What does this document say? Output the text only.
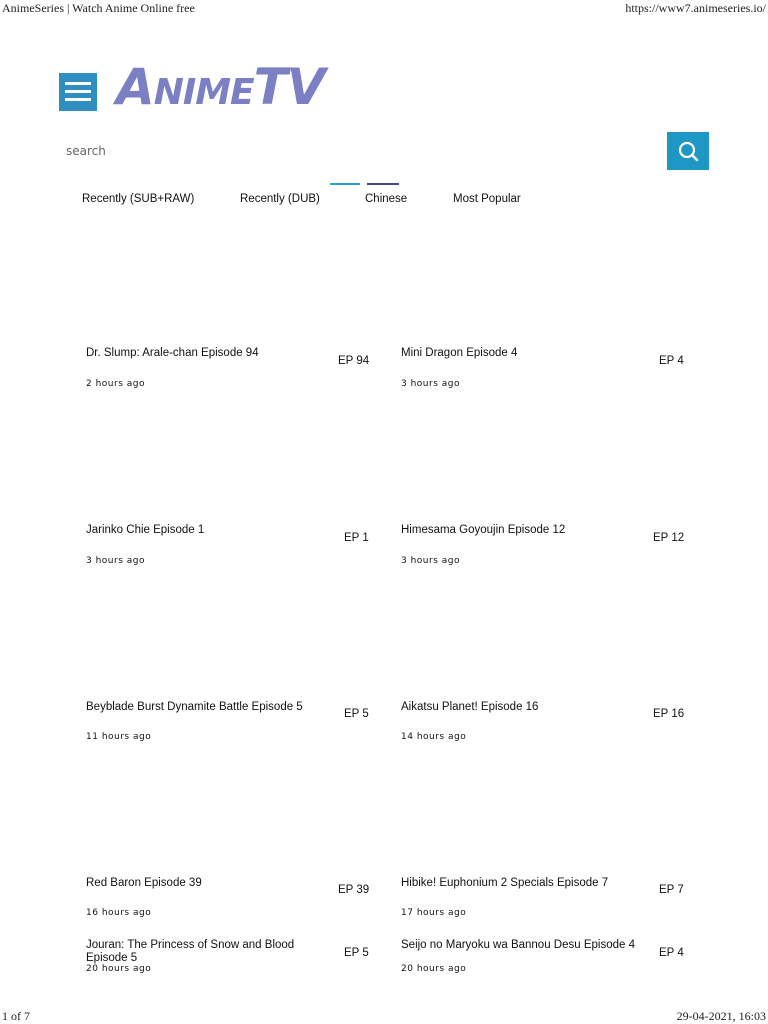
AnimeSeries | Watch Anime Online free	https://www7.animeseries.io/
ANIMETV
search
Recently (SUB+RAW)	Recently (DUB)	Chinese	Most Popular
Dr. Slump: Arale-chan Episode 94
2 hours ago
EP 94
Mini Dragon Episode 4
3 hours ago
EP 4
Jarinko Chie Episode 1
3 hours ago
EP 1
Himesama Goyoujin Episode 12
3 hours ago
EP 12
Beyblade Burst Dynamite Battle Episode 5
11 hours ago
EP 5
Aikatsu Planet! Episode 16
14 hours ago
EP 16
Red Baron Episode 39
16 hours ago
EP 39
Hibike! Euphonium 2 Specials Episode 7
17 hours ago
EP 7
Jouran: The Princess of Snow and Blood Episode 5
20 hours ago
EP 5
Seijo no Maryoku wa Bannou Desu Episode 4
20 hours ago
EP 4
1 of 7	29-04-2021, 16:03
